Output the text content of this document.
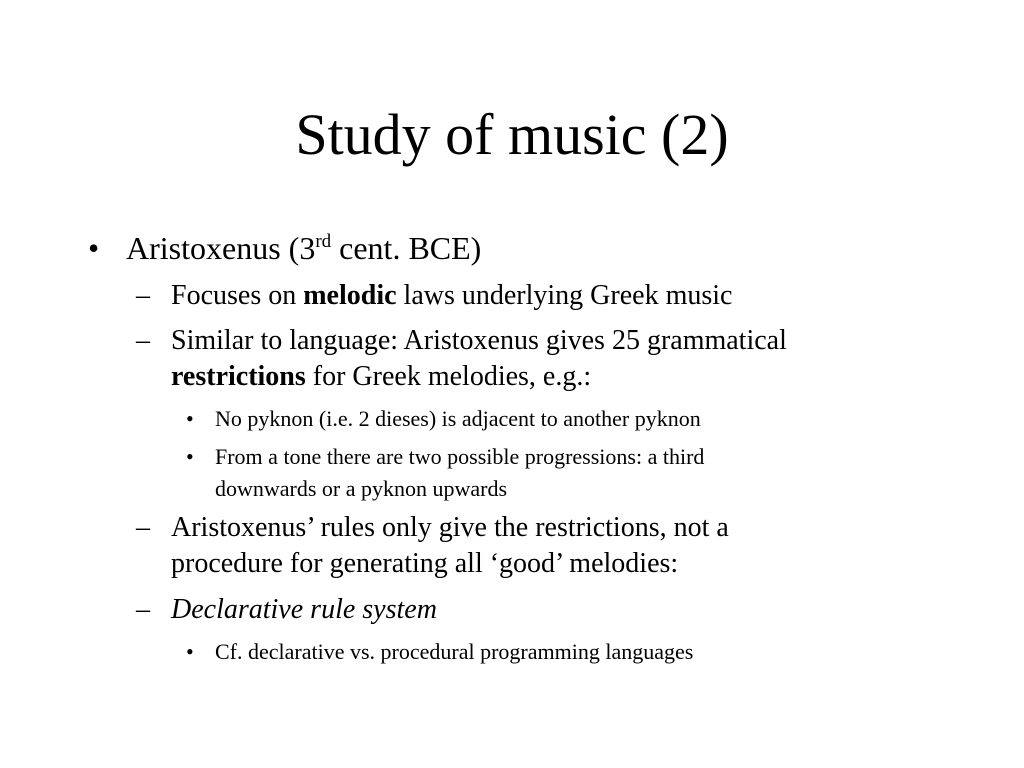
Study of music (2)
• Aristoxenus (3rd cent. BCE)
– Focuses on melodic laws underlying Greek music
– Similar to language: Aristoxenus gives 25 grammatical
restrictions for Greek melodies, e.g.:
• No pyknon (i.e. 2 dieses) is adjacent to another pyknon
• From a tone there are two possible progressions: a third
downwards or a pyknon upwards
– Aristoxenus’ rules only give the restrictions, not a
procedure for generating all ‘good’ melodies:
– Declarative rule system
• Cf. declarative vs. procedural programming languages
